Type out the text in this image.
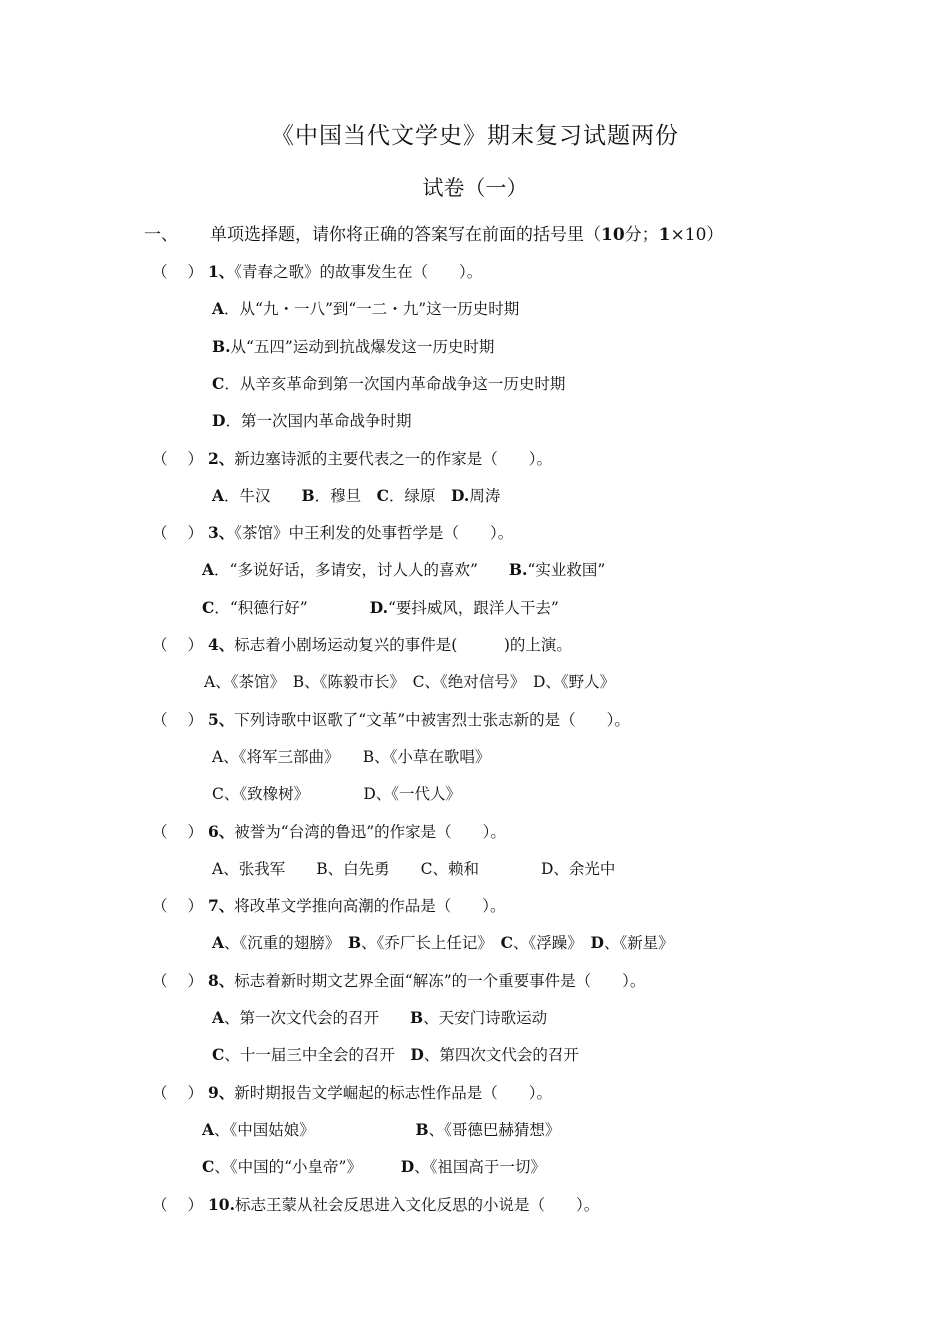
《中国当代文学史》期末复习试题两份
试卷（一）
一、 单项选择题，请你将正确的答案写在前面的括号里（10分；1×10）
（ ） 1、《青春之歌》的故事发生在（　　）。
A．从“九・一八”到“一二・九”这一历史时期
B.从“五四”运动到抗战爆发这一历史时期
C．从辛亥革命到第一次国内革命战争这一历史时期
D．第一次国内革命战争时期
（ ） 2、新边塞诗派的主要代表之一的作家是（　　）。
A．牛汉　　B．穆旦　C．绿原　D.周涛
（ ） 3、《茶馆》中王利发的处事哲学是（　　）。
A．“多说好话，多请安，讨人人的喜欢”　　B.“实业救国”
C．“积德行好”　　　　D.“要抖威风，跟洋人干去”
（ ） 4、标志着小剧场运动复兴的事件是(　　　)的上演。
A、《茶馆》　B、《陈毅市长》　C、《绝对信号》　D、《野人》
（ ） 5、下列诗歌中讴歌了“文革”中被害烈士张志新的是（　　）。
A、《将军三部曲》　　B、《小草在歌唱》
C、《致橡树》　　　　D、《一代人》
（ ） 6、被誉为“台湾的鲁迅”的作家是（　　）。
A、张我军　　B、白先勇　　C、赖和　　　　D、余光中
（ ） 7、将改革文学推向高潮的作品是（　　）。
A、《沉重的翅膀》　B、《乔厂长上任记》　C、《浮躁》　D、《新星》
（ ） 8、标志着新时期文艺界全面“解冻”的一个重要事件是（　　）。
A、第一次文代会的召开　　B、天安门诗歌运动
C、十一届三中全会的召开　D、第四次文代会的召开
（ ） 9、新时期报告文学崛起的标志性作品是（　　）。
A、《中国姑娘》　　　　　　　B、《哥德巴赫猜想》
C、《中国的“小皇帝”》　　　D、《祖国高于一切》
（ ） 10.标志王蒙从社会反思进入文化反思的小说是（　　）。
